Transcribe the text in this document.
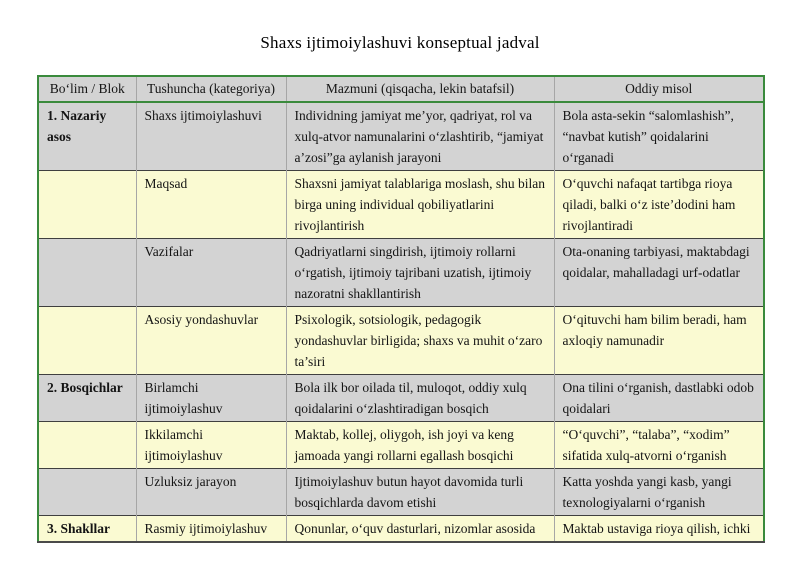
Shaxs ijtimoiylashuvi konseptual jadval
Bo‘lim / Blok	Tushuncha (kategoriya)	Mazmuni (qisqacha, lekin batafsil)	Oddiy misol
1. Nazariy asos	Shaxs ijtimoiylashuvi	Individning jamiyat me’yor, qadriyat, rol va xulq-atvor namunalarini o‘zlashtirib, “jamiyat a’zosi”ga aylanish jarayoni	Bola asta-sekin “salomlashish”, “navbat kutish” qoidalarini o‘rganadi
	Maqsad	Shaxsni jamiyat talablariga moslash, shu bilan birga uning individual qobiliyatlarini rivojlantirish	O‘quvchi nafaqat tartibga rioya qiladi, balki o‘z iste’dodini ham rivojlantiradi
	Vazifalar	Qadriyatlarni singdirish, ijtimoiy rollarni o‘rgatish, ijtimoiy tajribani uzatish, ijtimoiy nazoratni shakllantirish	Ota-onaning tarbiyasi, maktabdagi qoidalar, mahalladagi urf-odatlar
	Asosiy yondashuvlar	Psixologik, sotsiologik, pedagogik yondashuvlar birligida; shaxs va muhit o‘zaro ta’siri	O‘qituvchi ham bilim beradi, ham axloqiy namunadir
2. Bosqichlar	Birlamchi ijtimoiylashuv	Bola ilk bor oilada til, muloqot, oddiy xulq qoidalarini o‘zlashtiradigan bosqich	Ona tilini o‘rganish, dastlabki odob qoidalari
	Ikkilamchi ijtimoiylashuv	Maktab, kollej, oliygoh, ish joyi va keng jamoada yangi rollarni egallash bosqichi	“O‘quvchi”, “talaba”, “xodim” sifatida xulq-atvorni o‘rganish
	Uzluksiz jarayon	Ijtimoiylashuv butun hayot davomida turli bosqichlarda davom etishi	Katta yoshda yangi kasb, yangi texnologiyalarni o‘rganish
3. Shakllar	Rasmiy ijtimoiylashuv	Qonunlar, o‘quv dasturlari, nizomlar asosida	Maktab ustaviga rioya qilish, ichki
